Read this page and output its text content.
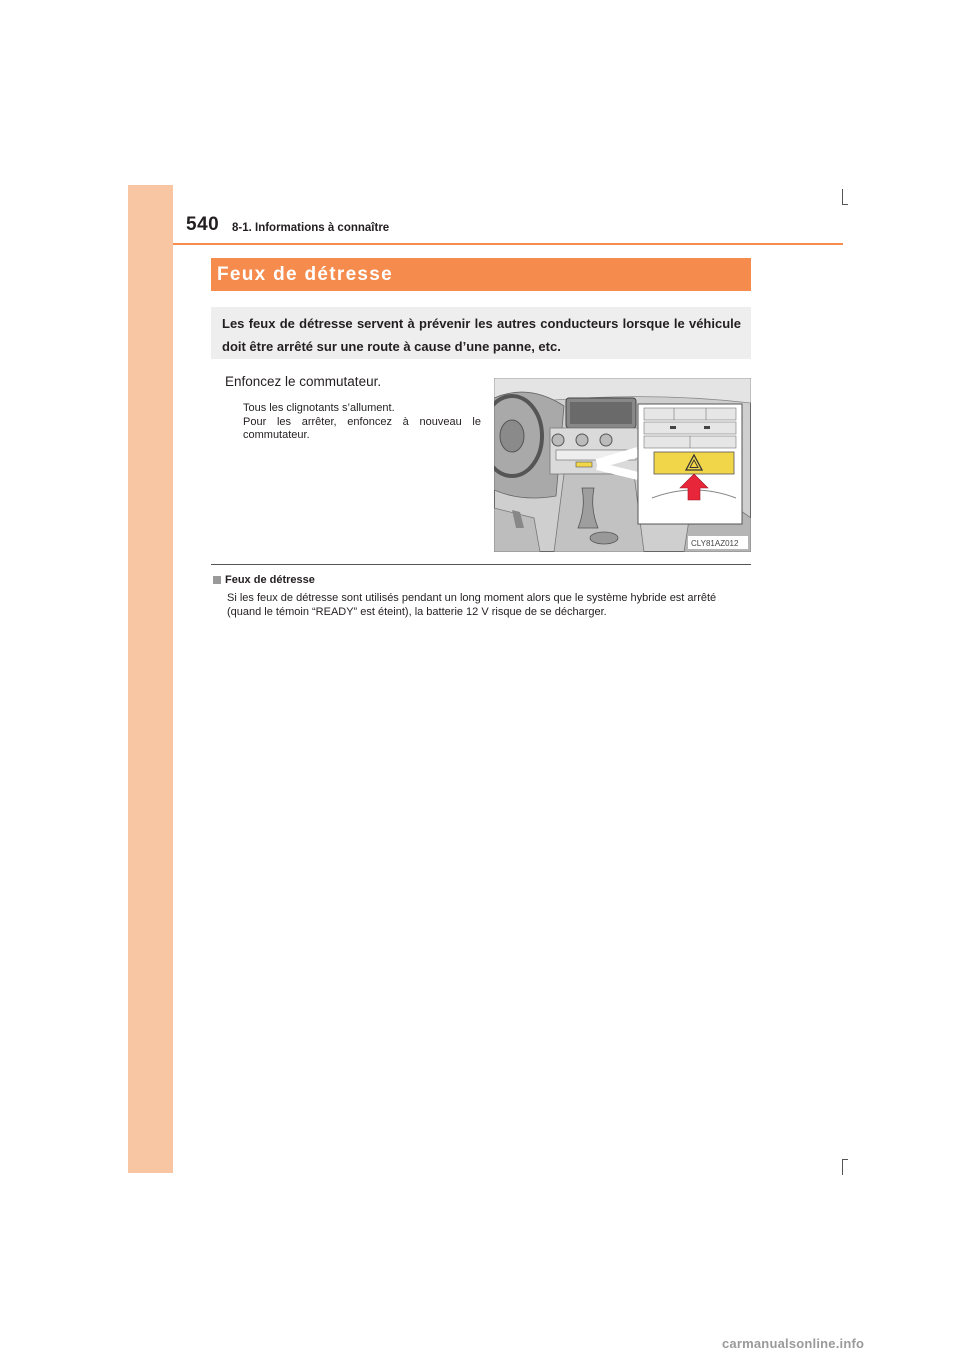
540 8-1. Informations à connaître
Feux de détresse
Les feux de détresse servent à prévenir les autres conducteurs lorsque le véhicule doit être arrêté sur une route à cause d’une panne, etc.
Enfoncez le commutateur.
Tous les clignotants s’allument.
Pour les arrêter, enfoncez à nouveau le commutateur.
CLY81AZ012
Feux de détresse
Si les feux de détresse sont utilisés pendant un long moment alors que le système hybride est arrêté (quand le témoin “READY” est éteint), la batterie 12 V risque de se décharger.
carmanualsonline.info
